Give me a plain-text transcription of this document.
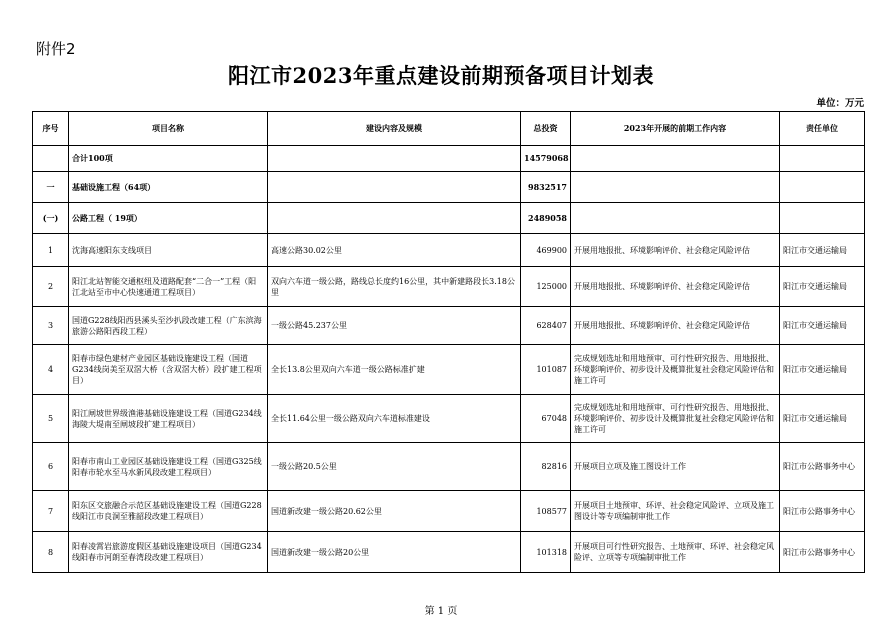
附件2
阳江市2023年重点建设前期预备项目计划表
单位：万元
序号	项目名称	建设内容及规模	总投资	2023年开展的前期工作内容	责任单位
	合计100项		14579068		
一	基础设施工程（64项）		9832517		
(一)	公路工程（ 19项）		2489058		
1	沈海高速阳东支线项目	高速公路30.02公里	469900	开展用地报批、环境影响评价、社会稳定风险评估	阳江市交通运输局
2	阳江北站智能交通枢纽及道路配套“二合一”工程（阳江北站至市中心快速通道工程项目）	双向六车道一级公路，路线总长度约16公里，其中新建路段长3.18公里	125000	开展用地报批、环境影响评价、社会稳定风险评估	阳江市交通运输局
3	国道G228线阳西县溪头至沙扒段改建工程（广东滨海旅游公路阳西段工程）	一级公路45.237公里	628407	开展用地报批、环境影响评价、社会稳定风险评估	阳江市交通运输局
4	阳春市绿色建材产业园区基础设施建设工程（国道G234线岗美至双滘大桥（含双滘大桥）段扩建工程项目）	全长13.8公里双向六车道一级公路标准扩建	101087	完成规划选址和用地预审、可行性研究报告、用地报批、环境影响评价、初步设计及概算批复社会稳定风险评估和施工许可	阳江市交通运输局
5	阳江闸坡世界级渔港基础设施建设工程（国道G234线海陵大堤南至闸坡段扩建工程项目）	全长11.64公里一级公路双向六车道标准建设	67048	完成规划选址和用地预审、可行性研究报告、用地报批、环境影响评价、初步设计及概算批复社会稳定风险评估和施工许可	阳江市交通运输局
6	阳春市南山工业园区基础设施建设工程（国道G325线阳春市轮水至马水新风段改建工程项目）	一级公路20.5公里	82816	开展项目立项及施工图设计工作	阳江市公路事务中心
7	阳东区交旅融合示范区基础设施建设工程（国道G228线阳江市良洞至雅韶段改建工程项目）	国道新改建一级公路20.62公里	108577	开展项目土地预审、环评、社会稳定风险评、立项及施工图设计等专项编制审批工作	阳江市公路事务中心
8	阳春凌霄岩旅游度假区基础设施建设项目（国道G234线阳春市河朗至春湾段改建工程项目）	国道新改建一级公路20公里	101318	开展项目可行性研究报告、土地预审、环评、社会稳定风险评、立项等专项编制审批工作	阳江市公路事务中心
第 1 页
